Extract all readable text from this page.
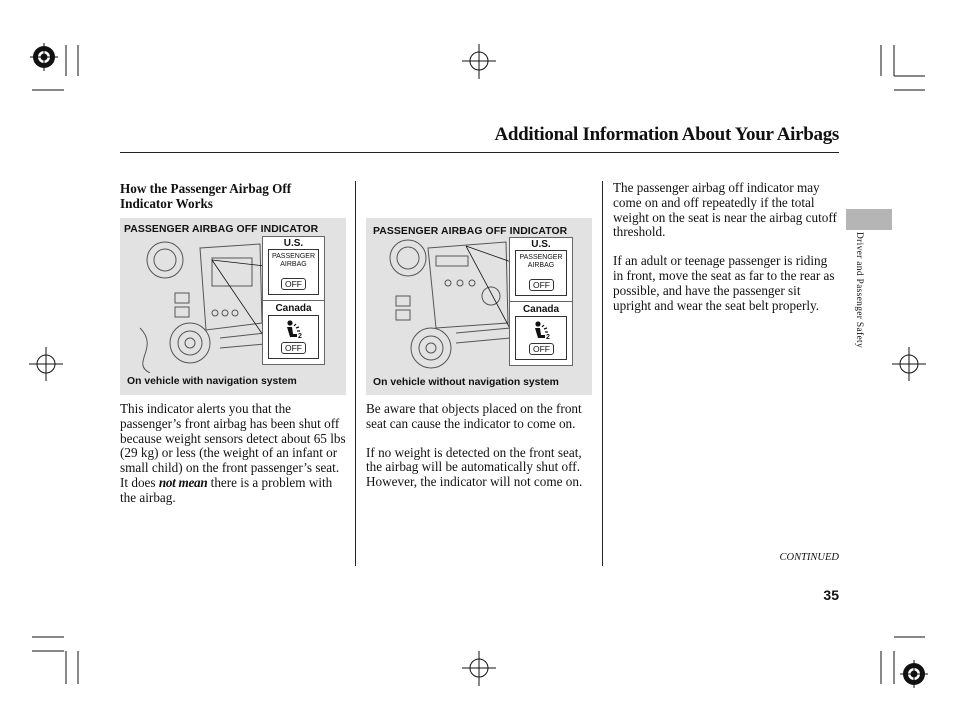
Additional Information About Your Airbags
How the Passenger Airbag Off Indicator Works
PASSENGER AIRBAG OFF INDICATOR
U.S.
PASSENGER
AIRBAG
OFF
Canada
2
OFF
On vehicle with navigation system
PASSENGER AIRBAG OFF INDICATOR
U.S.
PASSENGER
AIRBAG
OFF
Canada
2
OFF
On vehicle without navigation system

This indicator alerts you that the passenger’s front airbag has been shut off because weight sensors detect about 65 lbs (29 kg) or less (the weight of an infant or small child) on the front passenger’s seat. It does not mean there is a problem with the airbag.

Be aware that objects placed on the front seat can cause the indicator to come on.

If no weight is detected on the front seat, the airbag will be automatically shut off. However, the indicator will not come on.

The passenger airbag off indicator may come on and off repeatedly if the total weight on the seat is near the airbag cutoff threshold.

If an adult or teenage passenger is riding in front, move the seat as far to the rear as possible, and have the passenger sit upright and wear the seat belt properly.	Driver and Passenger Safety
CONTINUED
35
